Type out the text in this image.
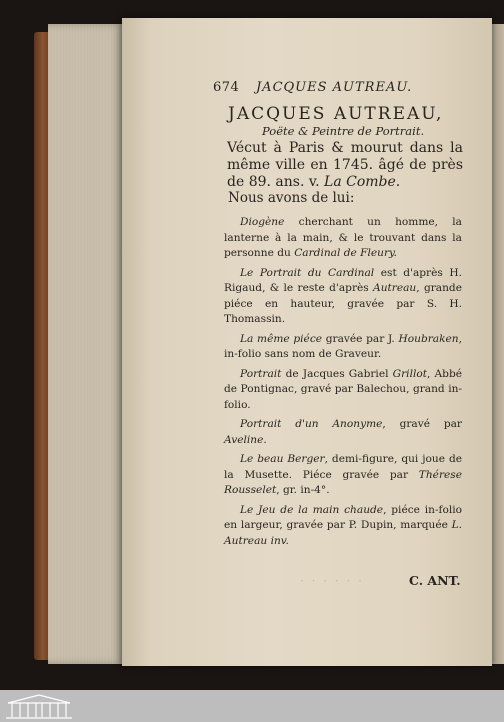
674 JACQUES AUTREAU.
JACQUES AUTREAU,
Poëte & Peintre de Portrait.
Vécut à Paris & mourut dans la même ville en 1745. âgé de près de 89. ans. v. La Combe.
Nous avons de lui:

Diogène cherchant un homme, la lanterne à la main, & le trouvant dans la personne du Cardinal de Fleury.

Le Portrait du Cardinal est d'après H. Rigaud, & le reste d'après Autreau, grande piéce en hauteur, gravée par S. H. Thomassin.

La même piéce gravée par J. Houbraken, in-folio sans nom de Graveur.

Portrait de Jacques Gabriel Grillot, Abbé de Pontignac, gravé par Balechou, grand in-folio.

Portrait d'un Anonyme, gravé par Aveline.

Le beau Berger, demi-figure, qui joue de la Musette. Piéce gravée par Thérese Rousselet, gr. in-4°.

Le Jeu de la main chaude, piéce in-folio en largeur, gravée par P. Dupin, marquée L. Autreau inv.

· · · · · ·	C. ANT.
